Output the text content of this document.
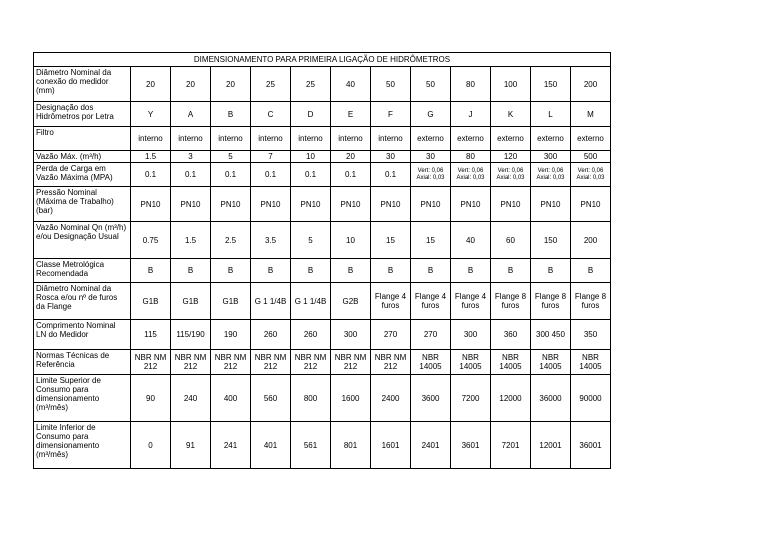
DIMENSIONAMENTO PARA PRIMEIRA LIGAÇÃO DE HIDRÔMETROS												
Diâmetro Nominal da conexão do medidor (mm)	20	20	20	25	25	40	50	50	80	100	150	200
Designação dos Hidrômetros por Letra	Y	A	B	C	D	E	F	G	J	K	L	M
Filtro	interno	interno	interno	interno	interno	interno	interno	externo	externo	externo	externo	externo
Vazão Máx. (m³/h)	1.5	3	5	7	10	20	30	30	80	120	300	500
Perda de Carga em Vazão Máxima (MPA)	0.1	0.1	0.1	0.1	0.1	0.1	0.1	Vert: 0,06 Axial: 0,03	Vert: 0,06 Axial: 0,03	Vert: 0,06 Axial: 0,03	Vert: 0,06 Axial: 0,03	Vert: 0,06 Axial: 0,03
Pressão Nominal (Máxima de Trabalho) (bar)	PN10	PN10	PN10	PN10	PN10	PN10	PN10	PN10	PN10	PN10	PN10	PN10
Vazão Nominal Qn (m³/h) e/ou Designação Usual	0.75	1.5	2.5	3.5	5	10	15	15	40	60	150	200
Classe Metrológica Recomendada	B	B	B	B	B	B	B	B	B	B	B	B
Diâmetro Nominal da Rosca e/ou nº de furos da Flange	G1B	G1B	G1B	G 1 1/4B	G 1 1/4B	G2B	Flange 4 furos	Flange 4 furos	Flange 4 furos	Flange 8 furos	Flange 8 furos	Flange 8 furos
Comprimento Nominal LN do Medidor	115	115/190	190	260	260	300	270	270	300	360	300 450	350
Normas Técnicas de Referência	NBR NM 212	NBR NM 212	NBR NM 212	NBR NM 212	NBR NM 212	NBR NM 212	NBR NM 212	NBR 14005	NBR 14005	NBR 14005	NBR 14005	NBR 14005
Limite Superior de Consumo para dimensionamento (m³/mês)	90	240	400	560	800	1600	2400	3600	7200	12000	36000	90000
Limite Inferior de Consumo para dimensionamento (m³/mês)	0	91	241	401	561	801	1601	2401	3601	7201	12001	36001
